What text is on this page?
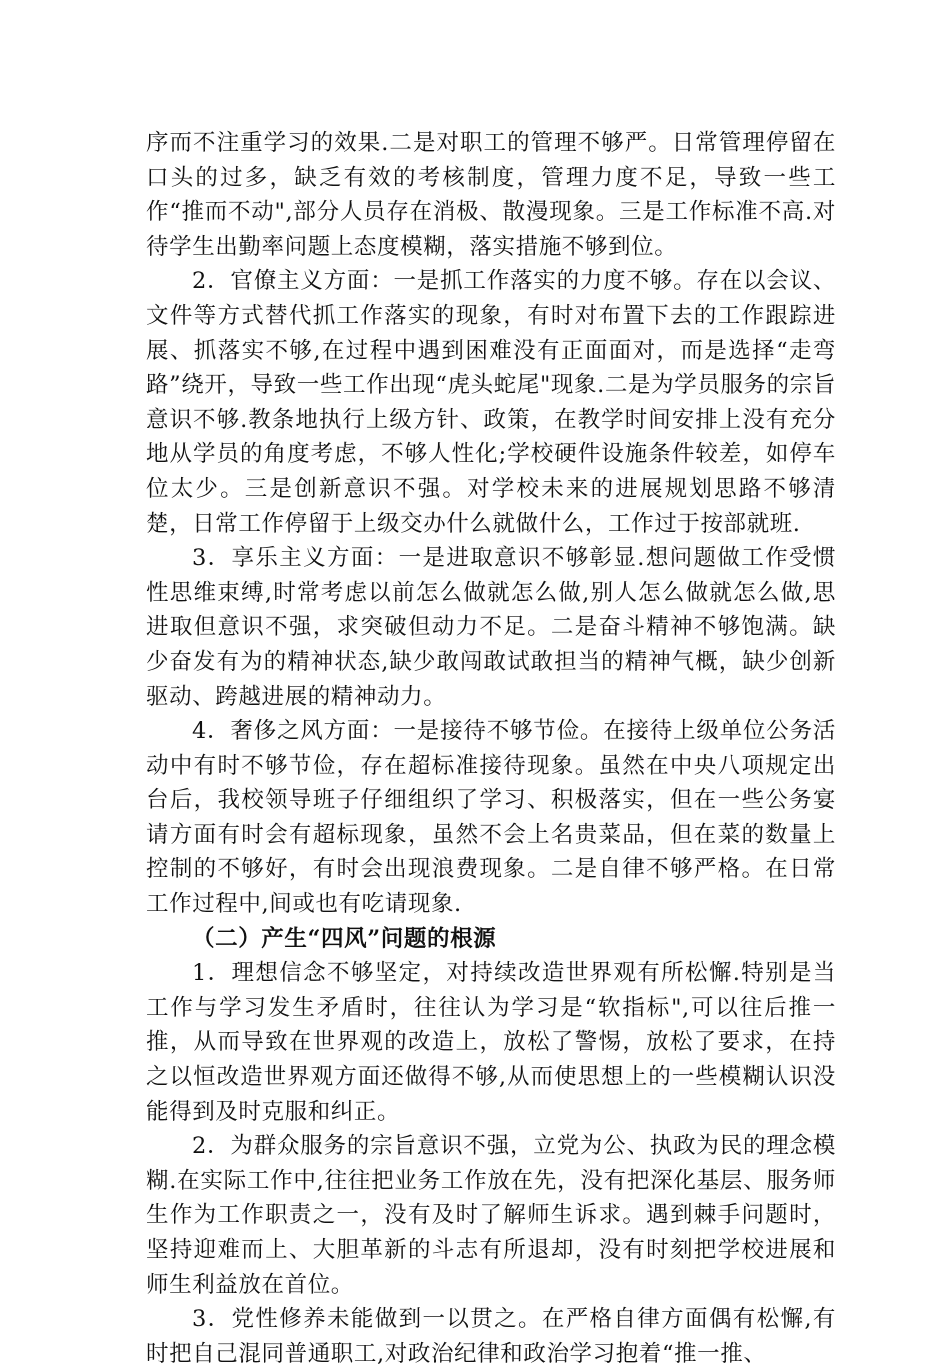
序而不注重学习的效果.二是对职工的管理不够严。日常管理停留在口头的过多，缺乏有效的考核制度，管理力度不足，导致一些工作“推而不动",部分人员存在消极、散漫现象。三是工作标准不高.对待学生出勤率问题上态度模糊，落实措施不够到位。

2．官僚主义方面：一是抓工作落实的力度不够。存在以会议、文件等方式替代抓工作落实的现象，有时对布置下去的工作跟踪进展、抓落实不够,在过程中遇到困难没有正面面对，而是选择“走弯路”绕开，导致一些工作出现“虎头蛇尾"现象.二是为学员服务的宗旨意识不够.教条地执行上级方针、政策，在教学时间安排上没有充分地从学员的角度考虑，不够人性化;学校硬件设施条件较差，如停车位太少。三是创新意识不强。对学校未来的进展规划思路不够清楚，日常工作停留于上级交办什么就做什么，工作过于按部就班.

3．享乐主义方面：一是进取意识不够彰显.想问题做工作受惯性思维束缚,时常考虑以前怎么做就怎么做,别人怎么做就怎么做,思进取但意识不强，求突破但动力不足。二是奋斗精神不够饱满。缺少奋发有为的精神状态,缺少敢闯敢试敢担当的精神气概，缺少创新驱动、跨越进展的精神动力。

4．奢侈之风方面：一是接待不够节俭。在接待上级单位公务活动中有时不够节俭，存在超标准接待现象。虽然在中央八项规定出台后，我校领导班子仔细组织了学习、积极落实，但在一些公务宴请方面有时会有超标现象，虽然不会上名贵菜品，但在菜的数量上控制的不够好，有时会出现浪费现象。二是自律不够严格。在日常工作过程中,间或也有吃请现象.

（二）产生“四风”问题的根源

1．理想信念不够坚定，对持续改造世界观有所松懈.特别是当工作与学习发生矛盾时，往往认为学习是“软指标",可以往后推一推，从而导致在世界观的改造上，放松了警惕，放松了要求，在持之以恒改造世界观方面还做得不够,从而使思想上的一些模糊认识没能得到及时克服和纠正。

2．为群众服务的宗旨意识不强，立党为公、执政为民的理念模糊.在实际工作中,往往把业务工作放在先，没有把深化基层、服务师生作为工作职责之一，没有及时了解师生诉求。遇到棘手问题时，坚持迎难而上、大胆革新的斗志有所退却，没有时刻把学校进展和师生利益放在首位。

3．党性修养未能做到一以贯之。在严格自律方面偶有松懈,有时把自己混同普通职工,对政治纪律和政治学习抱着“推一推、
